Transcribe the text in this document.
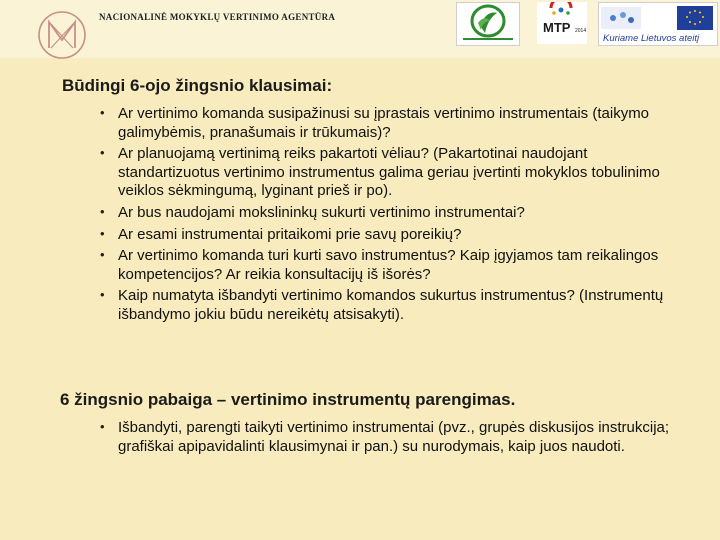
NACIONALINĖ MOKYKLŲ VERTINIMO AGENTŪRA
MTP 2014
Kuriame Lietuvos ateitį
Būdingi 6-ojo žingsnio klausimai:
• Ar vertinimo komanda susipažinusi su įprastais vertinimo instrumentais (taikymo galimybėmis, pranašumais ir trūkumais)?
• Ar planuojamą vertinimą reiks pakartoti vėliau? (Pakartotinai naudojant standartizuotus vertinimo instrumentus galima geriau įvertinti mokyklos tobulinimo veiklos sėkmingumą, lyginant prieš ir po).
• Ar bus naudojami mokslininkų sukurti vertinimo instrumentai?
• Ar esami instrumentai pritaikomi prie savų poreikių?
• Ar vertinimo komanda turi kurti savo instrumentus? Kaip įgyjamos tam reikalingos kompetencijos? Ar reikia konsultacijų iš išorės?
• Kaip numatyta išbandyti vertinimo komandos sukurtus instrumentus? (Instrumentų išbandymo jokiu būdu nereikėtų atsisakyti).
6 žingsnio pabaiga – vertinimo instrumentų parengimas.
• Išbandyti, parengti taikyti vertinimo instrumentai (pvz., grupės diskusijos instrukcija; grafiškai apipavidalinti klausimynai ir pan.) su nurodymais, kaip juos naudoti.
